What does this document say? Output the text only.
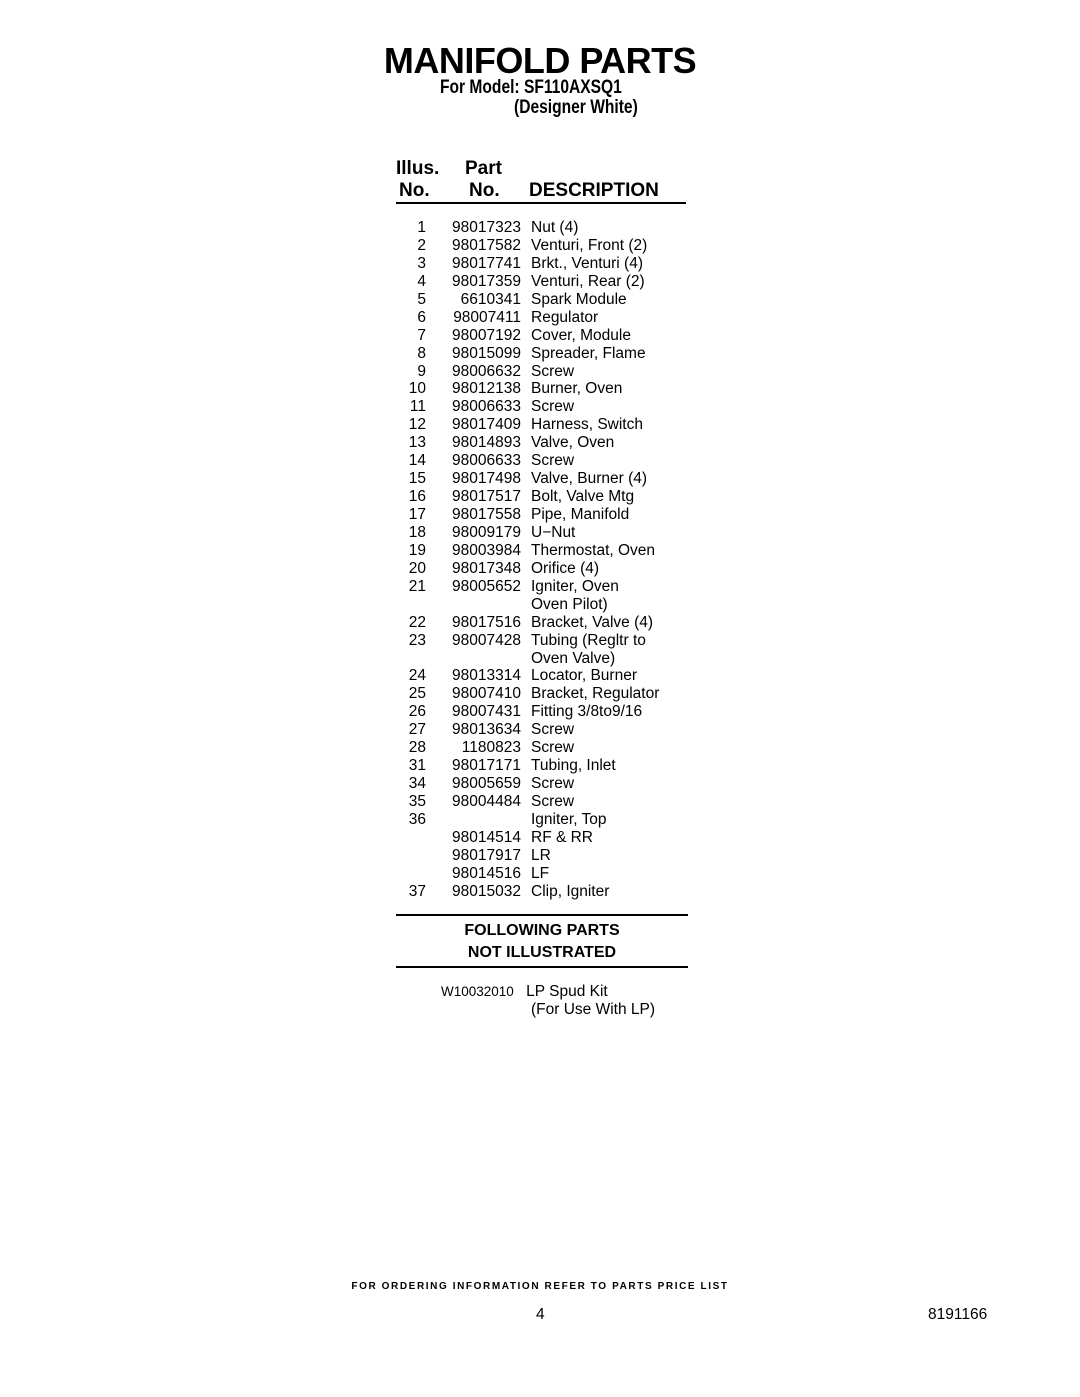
MANIFOLD PARTS
For Model: SF110AXSQ1
(Designer White)
Illus.
No.
Part
No. DESCRIPTION
1	98017323 Nut (4)
2	98017582 Venturi, Front (2)
3	98017741 Brkt., Venturi (4)
4	98017359 Venturi, Rear (2)
5	6610341 Spark Module
6	98007411 Regulator
7	98007192 Cover, Module
8	98015099 Spreader, Flame
9	98006632 Screw
10	98012138 Burner, Oven
11	98006633 Screw
12	98017409 Harness, Switch
13	98014893 Valve, Oven
14	98006633 Screw
15	98017498 Valve, Burner (4)
16	98017517 Bolt, Valve Mtg
17	98017558 Pipe, Manifold
18	98009179 U−Nut
19	98003984 Thermostat, Oven
20	98017348 Orifice (4)
21	98005652 Igniter, Oven
Oven Pilot)
22	98017516 Bracket, Valve (4)
23	98007428 Tubing (Regltr to
Oven Valve)
24	98013314 Locator, Burner
25	98007410 Bracket, Regulator
26	98007431 Fitting 3/8to9/16
27	98013634 Screw
28	1180823 Screw
31	98017171 Tubing, Inlet
34	98005659 Screw
35	98004484 Screw
36	Igniter, Top
98014514 RF & RR
98017917 LR
98014516 LF
37	98015032 Clip, Igniter
FOLLOWING PARTS
NOT ILLUSTRATED
W10032010 LP Spud Kit
(For Use With LP)
FOR ORDERING INFORMATION REFER TO PARTS PRICE LIST
4	8191166
